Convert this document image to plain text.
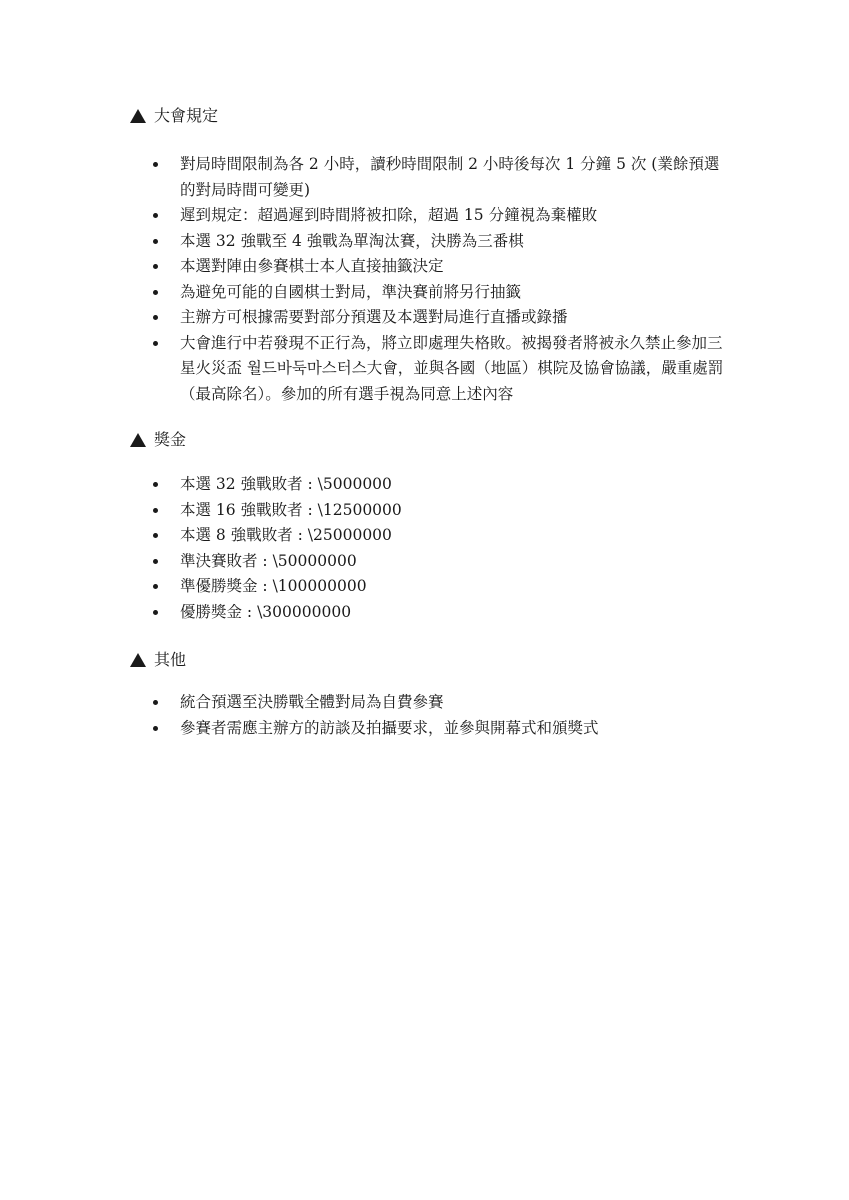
大會規定
對局時間限制為各 2 小時，讀秒時間限制 2 小時後每次 1 分鐘 5 次 (業餘預選的對局時間可變更)
遲到規定：超過遲到時間將被扣除，超過 15 分鐘視為棄權敗
本選 32 強戰至 4 強戰為單淘汰賽，決勝為三番棋
本選對陣由參賽棋士本人直接抽籤決定
為避免可能的自國棋士對局，準決賽前將另行抽籤
主辦方可根據需要對部分預選及本選對局進行直播或錄播
大會進行中若發現不正行為，將立即處理失格敗。被揭發者將被永久禁止參加三星火災盃 월드바둑마스터스大會，並與各國（地區）棋院及協會協議，嚴重處罰（最高除名）。參加的所有選手視為同意上述內容
獎金
本選 32 強戰敗者 : \5000000
本選 16 強戰敗者 : \12500000
本選 8 強戰敗者 : \25000000
準決賽敗者 : \50000000
準優勝獎金 : \100000000
優勝獎金 : \300000000
其他
統合預選至決勝戰全體對局為自費參賽
參賽者需應主辦方的訪談及拍攝要求，並參與開幕式和頒獎式
